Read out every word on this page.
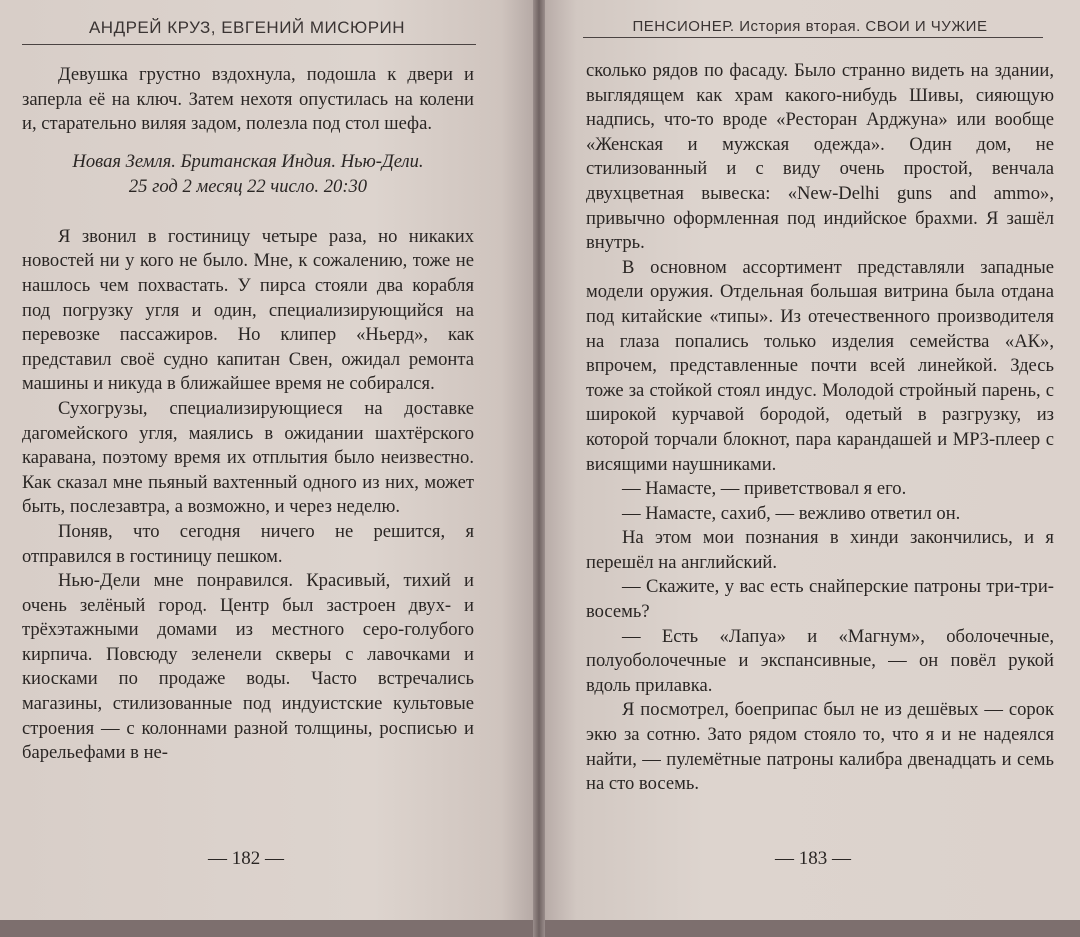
АНДРЕЙ КРУЗ, ЕВГЕНИЙ МИСЮРИН

Девушка грустно вздохнула, подошла к двери и заперла её на ключ. Затем нехотя опустилась на колени и, старательно виляя задом, полезла под стол шефа.

Новая Земля. Британская Индия. Нью-Дели.
25 год 2 месяц 22 число. 20:30

Я звонил в гостиницу четыре раза, но никаких новостей ни у кого не было. Мне, к сожалению, тоже не нашлось чем похвастать. У пирса стояли два корабля под погрузку угля и один, специализирующийся на перевозке пассажиров. Но клипер «Ньерд», как представил своё судно капитан Свен, ожидал ремонта машины и никуда в ближайшее время не собирался.

Сухогрузы, специализирующиеся на доставке дагомейского угля, маялись в ожидании шахтёрского каравана, поэтому время их отплытия было неизвестно. Как сказал мне пьяный вахтенный одного из них, может быть, послезавтра, а возможно, и через неделю.

Поняв, что сегодня ничего не решится, я отправился в гостиницу пешком.

Нью-Дели мне понравился. Красивый, тихий и очень зелёный город. Центр был застроен двух- и трёхэтажными домами из местного серо-голубого кирпича. Повсюду зеленели скверы с лавочками и киосками по продаже воды. Часто встречались магазины, стилизованные под индуистские культовые строения — с колоннами разной толщины, росписью и барельефами в не-

— 182 —
ПЕНСИОНЕР. История вторая. СВОИ И ЧУЖИЕ

сколько рядов по фасаду. Было странно видеть на здании, выглядящем как храм какого-нибудь Шивы, сияющую надпись, что-то вроде «Ресторан Арджуна» или вообще «Женская и мужская одежда». Один дом, не стилизованный и с виду очень простой, венчала двухцветная вывеска: «New-Delhi guns and ammo», привычно оформленная под индийское брахми. Я зашёл внутрь.

В основном ассортимент представляли западные модели оружия. Отдельная большая витрина была отдана под китайские «типы». Из отечественного производителя на глаза попались только изделия семейства «АК», впрочем, представленные почти всей линейкой. Здесь тоже за стойкой стоял индус. Молодой стройный парень, с широкой курчавой бородой, одетый в разгрузку, из которой торчали блокнот, пара карандашей и МР3-плеер с висящими наушниками.

— Намасте, — приветствовал я его.

— Намасте, сахиб, — вежливо ответил он.

На этом мои познания в хинди закончились, и я перешёл на английский.

— Скажите, у вас есть снайперские патроны три-три-восемь?

— Есть «Лапуа» и «Магнум», оболочечные, полуоболочечные и экспансивные, — он повёл рукой вдоль прилавка.

Я посмотрел, боеприпас был не из дешёвых — сорок экю за сотню. Зато рядом стояло то, что я и не надеялся найти, — пулемётные патроны калибра двенадцать и семь на сто восемь.

— 183 —
